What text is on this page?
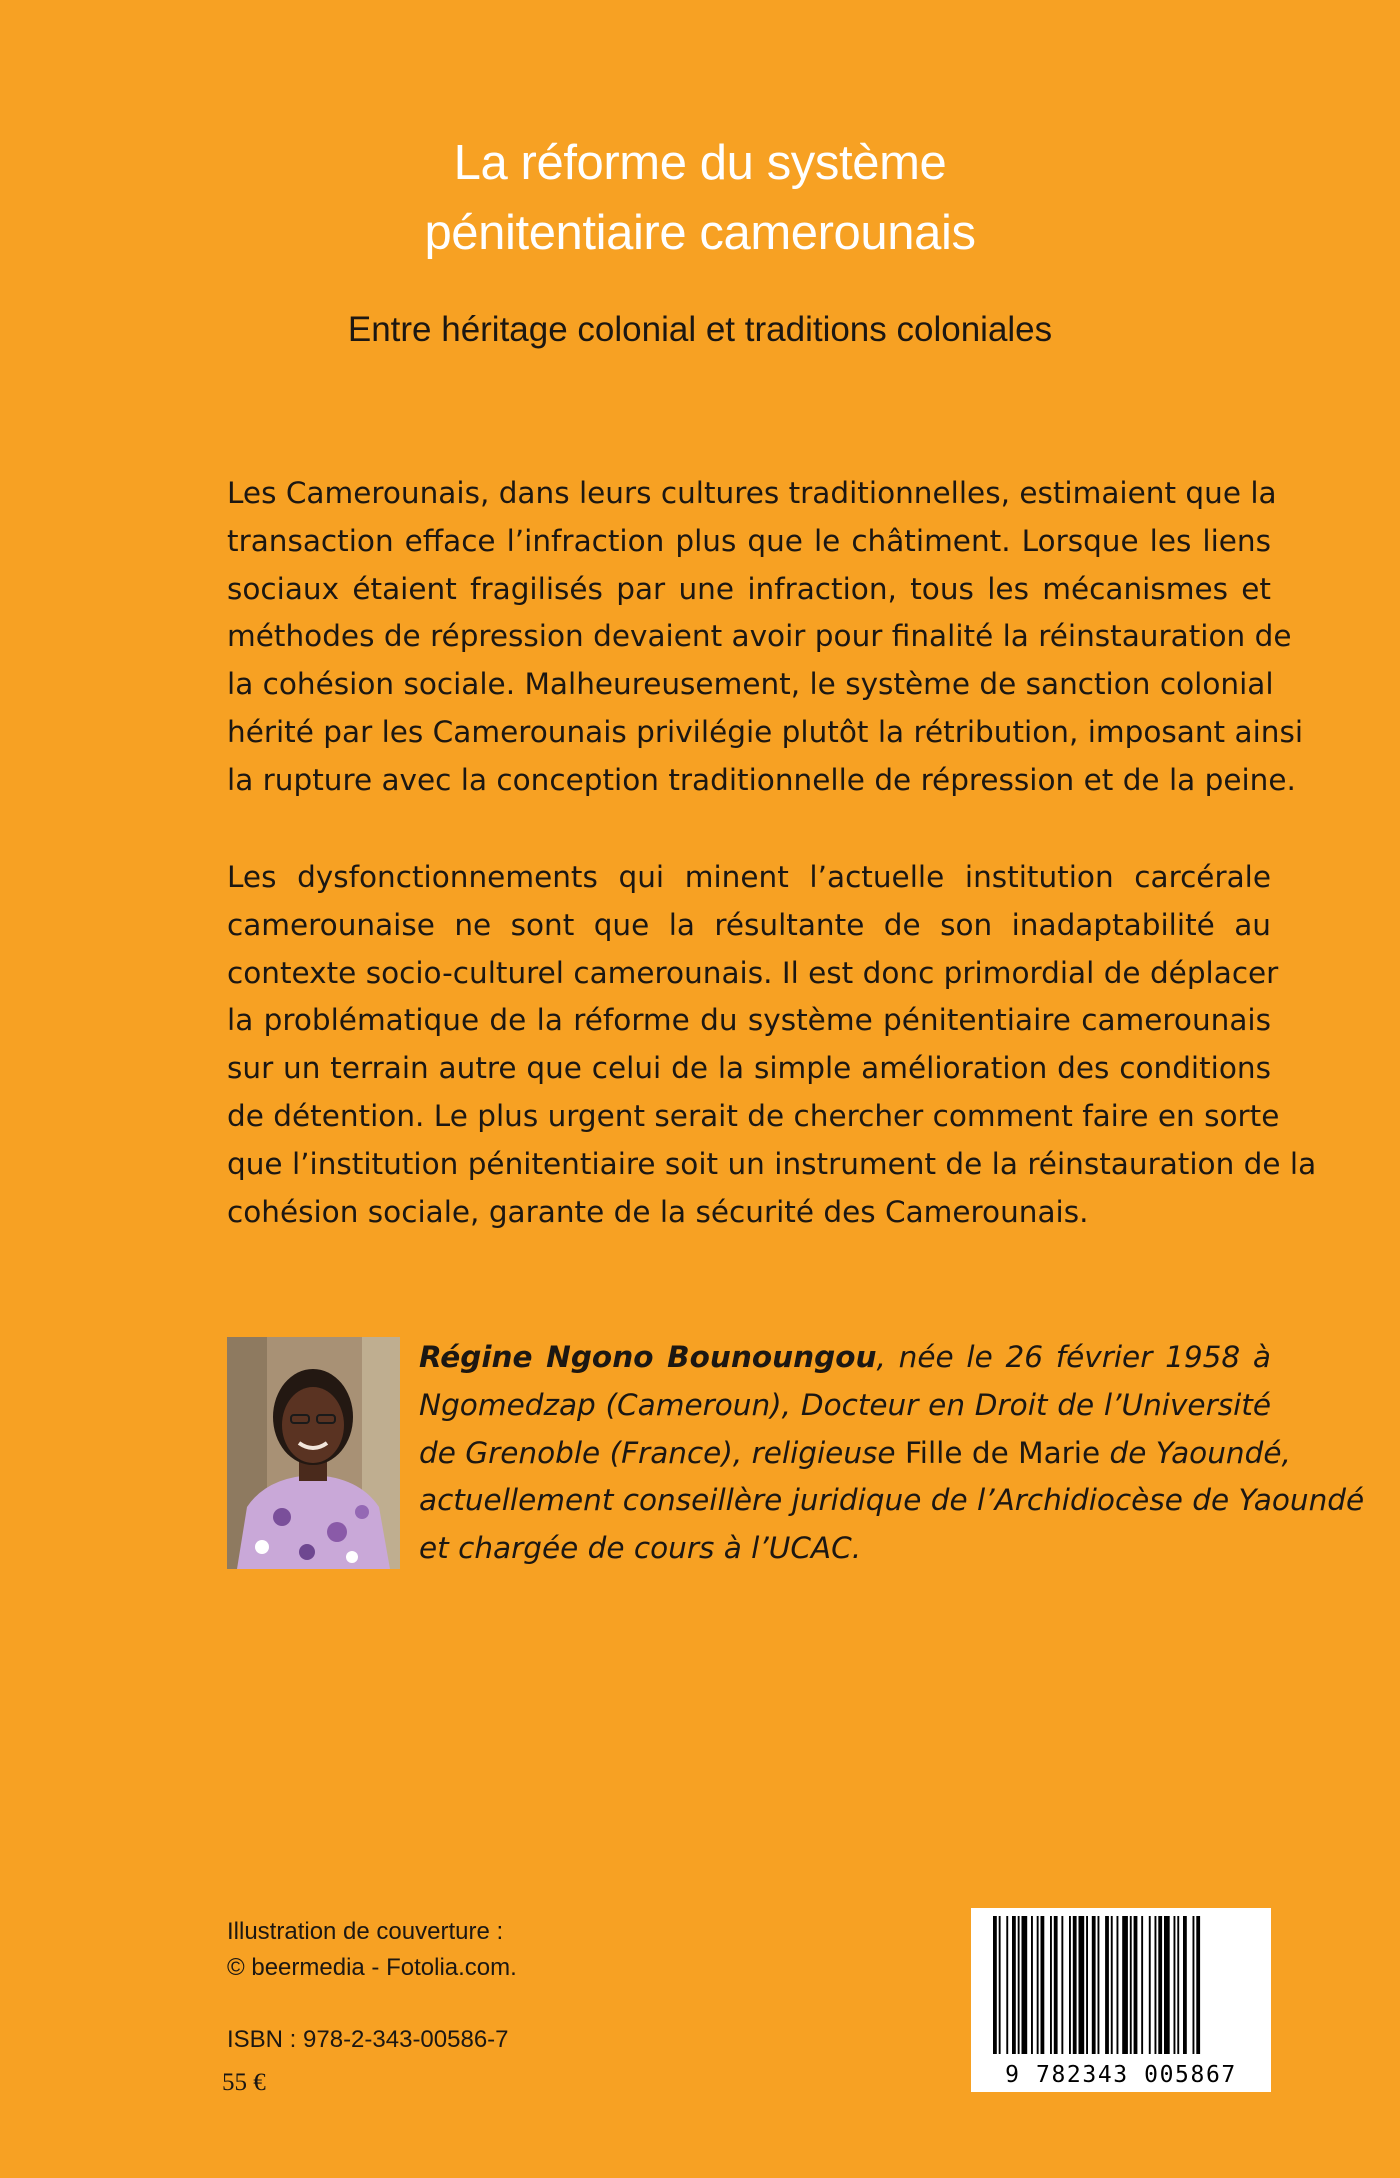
La réforme du système
pénitentiaire camerounais
Entre héritage colonial et traditions coloniales
Les Camerounais, dans leurs cultures traditionnelles, estimaient que la
transaction efface l’infraction plus que le châtiment. Lorsque les liens
sociaux étaient fragilisés par une infraction, tous les mécanismes et
méthodes de répression devaient avoir pour finalité la réinstauration de
la cohésion sociale. Malheureusement, le système de sanction colonial
hérité par les Camerounais privilégie plutôt la rétribution, imposant ainsi
la rupture avec la conception traditionnelle de répression et de la peine.
Les dysfonctionnements qui minent l’actuelle institution carcérale
camerounaise ne sont que la résultante de son inadaptabilité au
contexte socio-culturel camerounais. Il est donc primordial de déplacer
la problématique de la réforme du système pénitentiaire camerounais
sur un terrain autre que celui de la simple amélioration des conditions
de détention. Le plus urgent serait de chercher comment faire en sorte
que l’institution pénitentiaire soit un instrument de la réinstauration de la
cohésion sociale, garante de la sécurité des Camerounais.
Régine Ngono Bounoungou, née le 26 février 1958 à
Ngomedzap (Cameroun), Docteur en Droit de l’Université
de Grenoble (France), religieuse Fille de Marie de Yaoundé,
actuellement conseillère juridique de l’Archidiocèse de Yaoundé
et chargée de cours à l’UCAC.
Illustration de couverture :
© beermedia - Fotolia.com.
ISBN : 978-2-343-00586-7
55 €	9 782343 005867
